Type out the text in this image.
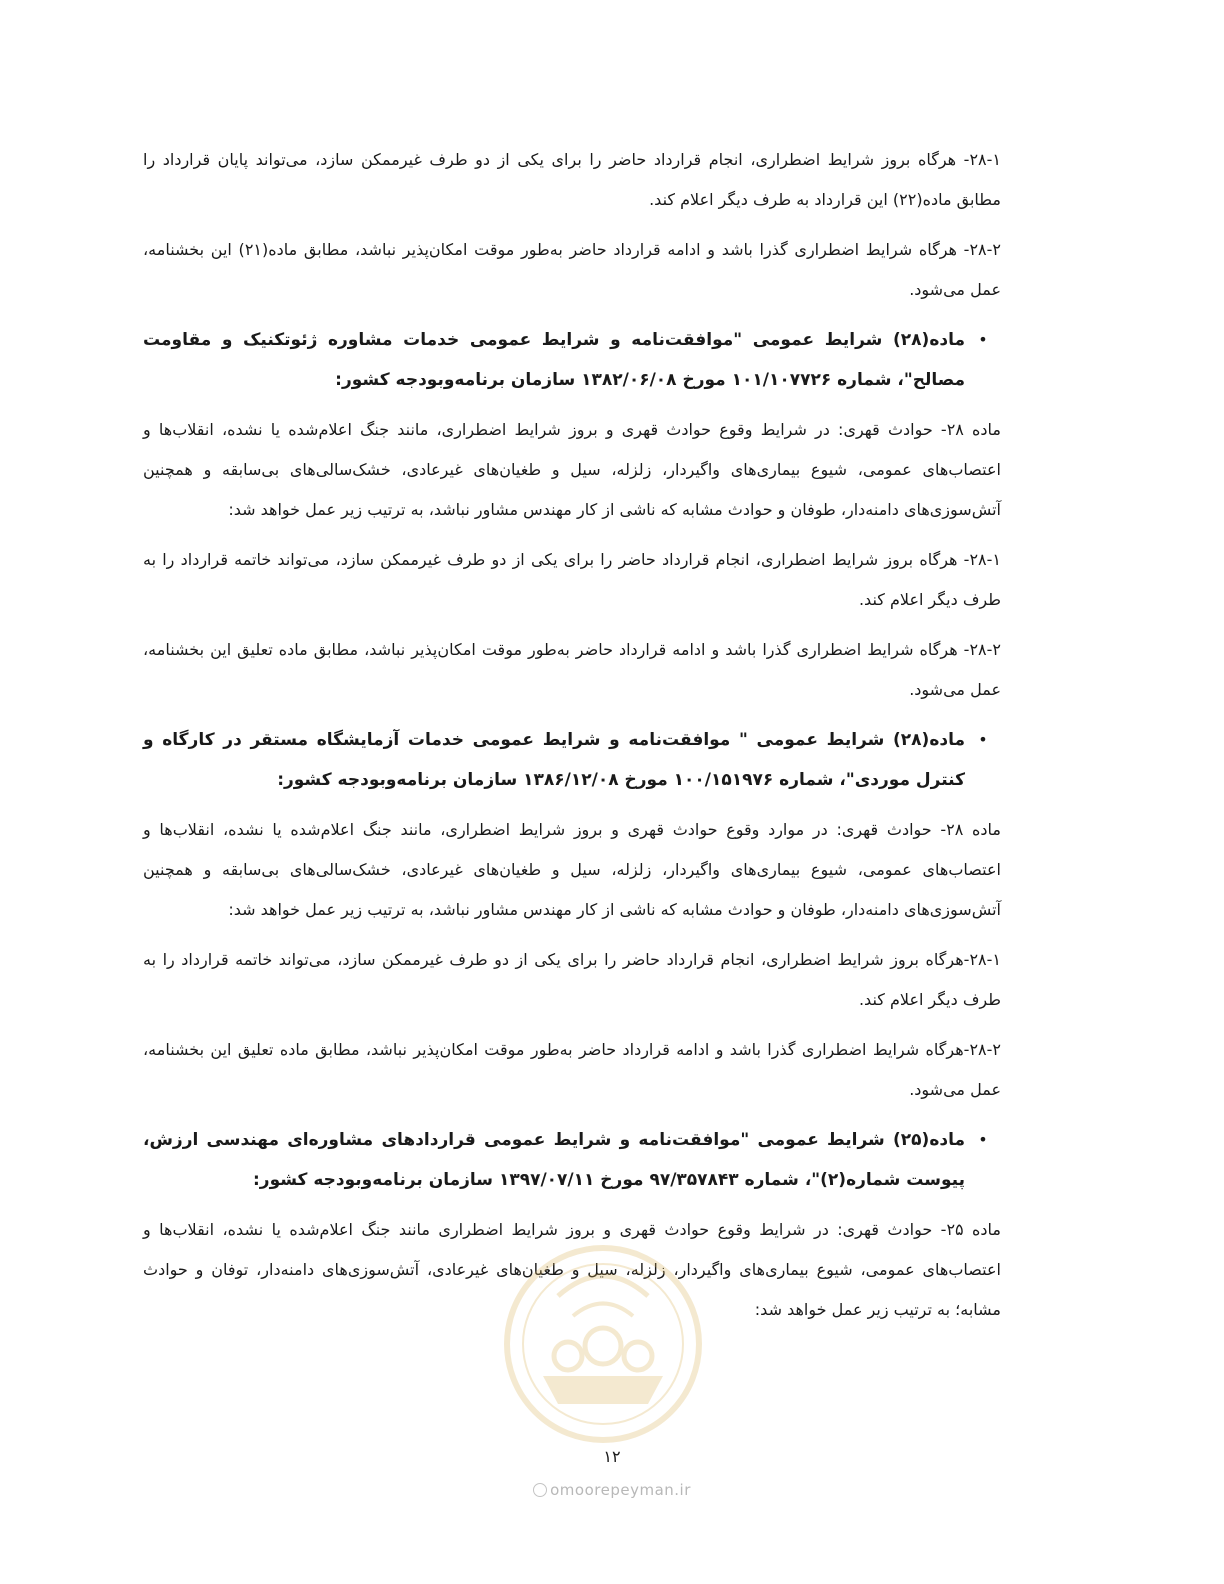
۲۸-۱- هرگاه بروز شرایط اضطراری، انجام قرارداد حاضر را برای یکی از دو طرف غیرممکن سازد، می‌تواند پایان قرارداد را مطابق ماده(۲۲) این قرارداد به طرف دیگر اعلام کند.

۲۸-۲- هرگاه شرایط اضطراری گذرا باشد و ادامه قرارداد حاضر به‌طور موقت امکان‌پذیر نباشد، مطابق ماده(۲۱) این بخشنامه، عمل می‌شود.

•
ماده(۲۸) شرایط عمومی "موافقت‌نامه و شرایط عمومی خدمات مشاوره ژئوتکنیک و مقاومت مصالح"، شماره ۱۰۱/۱۰۷۷۲۶ مورخ ۱۳۸۲/۰۶/۰۸ سازمان برنامه‌وبودجه کشور:

ماده ۲۸- حوادث قهری: در شرایط وقوع حوادث قهری و بروز شرایط اضطراری، مانند جنگ اعلام‌شده یا نشده، انقلاب‌ها و اعتصاب‌های عمومی، شیوع بیماری‌های واگیردار، زلزله، سیل و طغیان‌های غیرعادی، خشک‌سالی‌های بی‌سابقه و همچنین آتش‌سوزی‌های دامنه‌دار، طوفان و حوادث مشابه که ناشی از کار مهندس مشاور نباشد، به ترتیب زیر عمل خواهد شد:

۲۸-۱- هرگاه بروز شرایط اضطراری، انجام قرارداد حاضر را برای یکی از دو طرف غیرممکن سازد، می‌تواند خاتمه قرارداد را به طرف دیگر اعلام کند.

۲۸-۲- هرگاه شرایط اضطراری گذرا باشد و ادامه قرارداد حاضر به‌طور موقت امکان‌پذیر نباشد، مطابق ماده تعلیق این بخشنامه، عمل می‌شود.

•
ماده(۲۸) شرایط عمومی " موافقت‌نامه و شرایط عمومی خدمات آزمایشگاه مستقر در کارگاه و کنترل موردی"، شماره ۱۰۰/۱۵۱۹۷۶ مورخ ۱۳۸۶/۱۲/۰۸ سازمان برنامه‌وبودجه کشور:

ماده ۲۸- حوادث قهری: در موارد وقوع حوادث قهری و بروز شرایط اضطراری، مانند جنگ اعلام‌شده یا نشده، انقلاب‌ها و اعتصاب‌های عمومی، شیوع بیماری‌های واگیردار، زلزله، سیل و طغیان‌های غیرعادی، خشک‌سالی‌های بی‌سابقه و همچنین آتش‌سوزی‌های دامنه‌دار، طوفان و حوادث مشابه که ناشی از کار مهندس مشاور نباشد، به ترتیب زیر عمل خواهد شد:

۲۸-۱-هرگاه بروز شرایط اضطراری، انجام قرارداد حاضر را برای یکی از دو طرف غیرممکن سازد، می‌تواند خاتمه قرارداد را به طرف دیگر اعلام کند.

۲۸-۲-هرگاه شرایط اضطراری گذرا باشد و ادامه قرارداد حاضر به‌طور موقت امکان‌پذیر نباشد، مطابق ماده تعلیق این بخشنامه، عمل می‌شود.

•
ماده(۲۵) شرایط عمومی "موافقت‌نامه و شرایط عمومی قراردادهای مشاوره‌ای مهندسی ارزش، پیوست شماره(۲)"، شماره ۹۷/۳۵۷۸۴۳ مورخ ۱۳۹۷/۰۷/۱۱ سازمان برنامه‌وبودجه کشور:

ماده ۲۵- حوادث قهری: در شرایط وقوع حوادث قهری و بروز شرایط اضطراری مانند جنگ اعلام‌شده یا نشده، انقلاب‌ها و اعتصاب‌های عمومی، شیوع بیماری‌های واگیردار، زلزله، سیل و طغیان‌های غیرعادی، آتش‌سوزی‌های دامنه‌دار، توفان و حوادث مشابه؛ به ترتیب زیر عمل خواهد شد:

۱۲
omoorepeyman.ir
